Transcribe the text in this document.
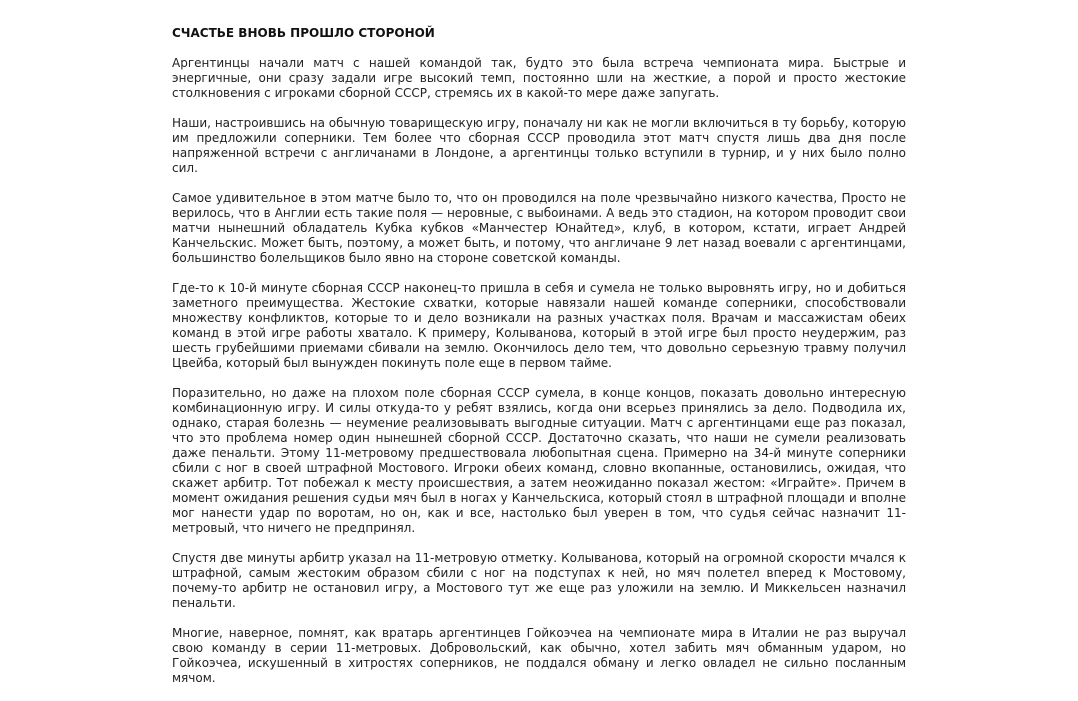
СЧАСТЬЕ ВНОВЬ ПРОШЛО СТОРОНОЙ
Аргентинцы начали матч с нашей командой так, будто это была встреча чемпионата мира. Быстрые и энергичные, они сразу задали игре высокий темп, постоянно шли на жесткие, а порой и просто жестокие столкновения с игроками сборной СССР, стремясь их в какой-то мере даже запугать.
Наши, настроившись на обычную товарищескую игру, поначалу ни как не могли включиться в ту борьбу, которую им предложили соперники. Тем более что сборная СССР проводила этот матч спустя лишь два дня после напряженной встречи с англичанами в Лондоне, а аргентинцы только вступили в турнир, и у них было полно сил.
Самое удивительное в этом матче было то, что он проводился на поле чрезвычайно низкого качества, Просто не верилось, что в Англии есть такие поля — неровные, с выбоинами. А ведь это стадион, на котором проводит свои матчи нынешний обладатель Кубка кубков «Манчестер Юнайтед», клуб, в котором, кстати, играет Андрей Канчельскис. Может быть, поэтому, а может быть, и потому, что англичане 9 лет назад воевали с аргентинцами, большинство болельщиков было явно на стороне советской команды.
Где-то к 10-й минуте сборная СССР наконец-то пришла в себя и сумела не только выровнять игру, но и добиться заметного преимущества. Жестокие схватки, которые навязали нашей команде соперники, способствовали множеству конфликтов, которые то и дело возникали на разных участках поля. Врачам и массажистам обеих команд в этой игре работы хватало. К примеру, Колыванова, который в этой игре был просто неудержим, раз шесть грубейшими приемами сбивали на землю. Окончилось дело тем, что довольно серьезную травму получил Цвейба, который был вынужден покинуть поле еще в первом тайме.
Поразительно, но даже на плохом поле сборная СССР сумела, в конце концов, показать довольно интересную комбинационную игру. И силы откуда-то у ребят взялись, когда они всерьез принялись за дело. Подводила их, однако, старая болезнь — неумение реализовывать выгодные ситуации. Матч с аргентинцами еще раз показал, что это проблема номер один нынешней сборной СССР. Достаточно сказать, что наши не сумели реализовать даже пенальти. Этому 11-метровому предшествовала любопытная сцена. Примерно на 34-й минуте соперники сбили с ног в своей штрафной Мостового. Игроки обеих команд, словно вкопанные, остановились, ожидая, что скажет арбитр. Тот побежал к месту происшествия, а затем неожиданно показал жестом: «Играйте». Причем в момент ожидания решения судьи мяч был в ногах у Канчельскиса, который стоял в штрафной площади и вполне мог нанести удар по воротам, но он, как и все, настолько был уверен в том, что судья сейчас назначит 11-метровый, что ничего не предпринял.
Спустя две минуты арбитр указал на 11-метровую отметку. Колыванова, который на огромной скорости мчался к штрафной, самым жестоким образом сбили с ног на подступах к ней, но мяч полетел вперед к Мостовому, почему-то арбитр не остановил игру, а Мостового тут же еще раз уложили на землю. И Миккельсен назначил пенальти.
Многие, наверное, помнят, как вратарь аргентинцев Гойкоэчеа на чемпионате мира в Италии не раз выручал свою команду в серии 11-метровых. Добровольский, как обычно, хотел забить мяч обманным ударом, но Гойкоэчеа, искушенный в хитростях соперников, не поддался обману и легко овладел не сильно посланным мячом.
